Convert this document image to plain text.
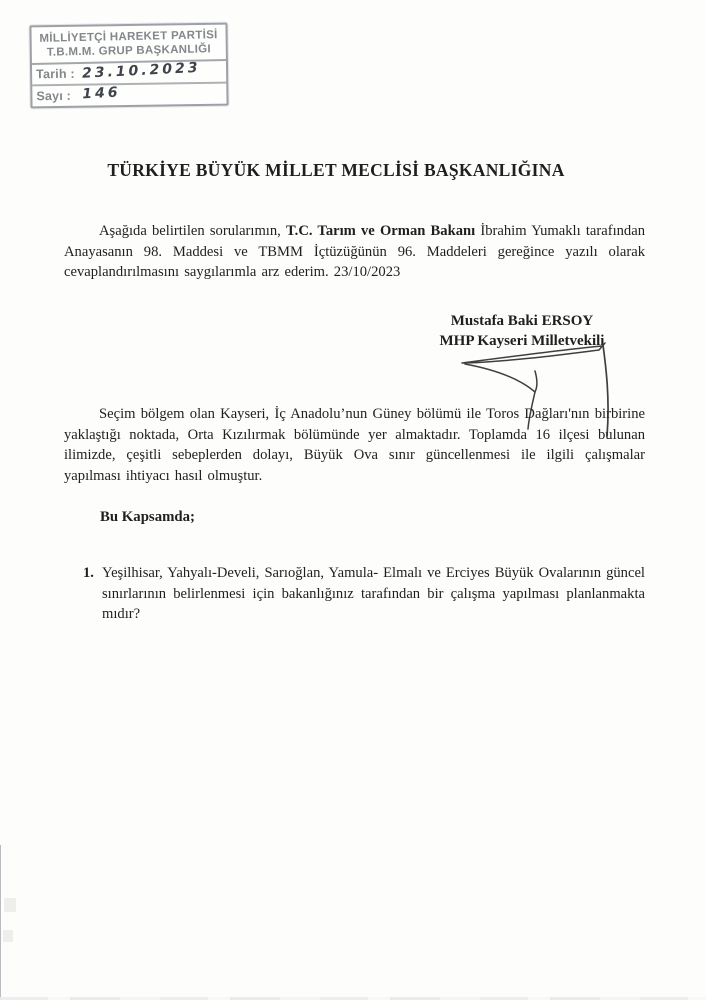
MİLLİYETÇİ HAREKET PARTİSİ
T.B.M.M. GRUP BAŞKANLIĞI
Tarih : 23.10.2023
Sayı : 146
TÜRKİYE BÜYÜK MİLLET MECLİSİ BAŞKANLIĞINA

Aşağıda belirtilen sorularımın, T.C. Tarım ve Orman Bakanı İbrahim Yumaklı tarafından Anayasanın 98. Maddesi ve TBMM İçtüzüğünün 96. Maddeleri gereğince yazılı olarak cevaplandırılmasını saygılarımla arz ederim. 23/10/2023

Mustafa Baki ERSOY
MHP Kayseri Milletvekili

Seçim bölgem olan Kayseri, İç Anadolu’nun Güney bölümü ile Toros Dağları'nın birbirine yaklaştığı noktada, Orta Kızılırmak bölümünde yer almaktadır. Toplamda 16 ilçesi bulunan ilimizde, çeşitli sebeplerden dolayı, Büyük Ova sınır güncellenmesi ile ilgili çalışmalar yapılması ihtiyacı hasıl olmuştur.

Bu Kapsamda;

1. Yeşilhisar, Yahyalı-Develi, Sarıoğlan, Yamula- Elmalı ve Erciyes Büyük Ovalarının güncel sınırlarının belirlenmesi için bakanlığınız tarafından bir çalışma yapılması planlanmakta mıdır?
